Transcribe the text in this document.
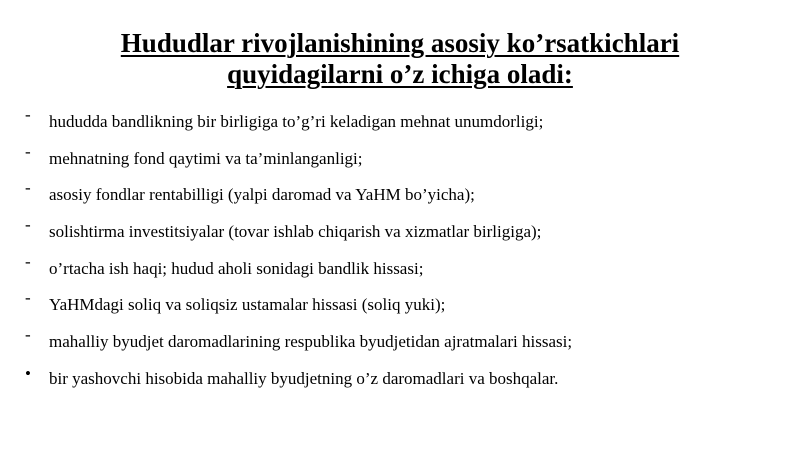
Hududlar rivojlanishining asosiy ko’rsatkichlari
quyidagilarni o’z ichiga oladi:
-	hududda bandlikning bir birligiga to’g’ri keladigan mehnat unumdorligi;
-	mehnatning fond qaytimi va ta’minlanganligi;
-	asosiy fondlar rentabilligi (yalpi daromad va YaHM bo’yicha);
-	solishtirma investitsiyalar (tovar ishlab chiqarish va xizmatlar birligiga);
-	o’rtacha ish haqi; hudud aholi sonidagi bandlik hissasi;
-	YaHMdagi soliq va soliqsiz ustamalar hissasi (soliq yuki);
-	mahalliy byudjet daromadlarining respublika byudjetidan ajratmalari hissasi;
•	bir yashovchi hisobida mahalliy byudjetning o’z daromadlari va boshqalar.
